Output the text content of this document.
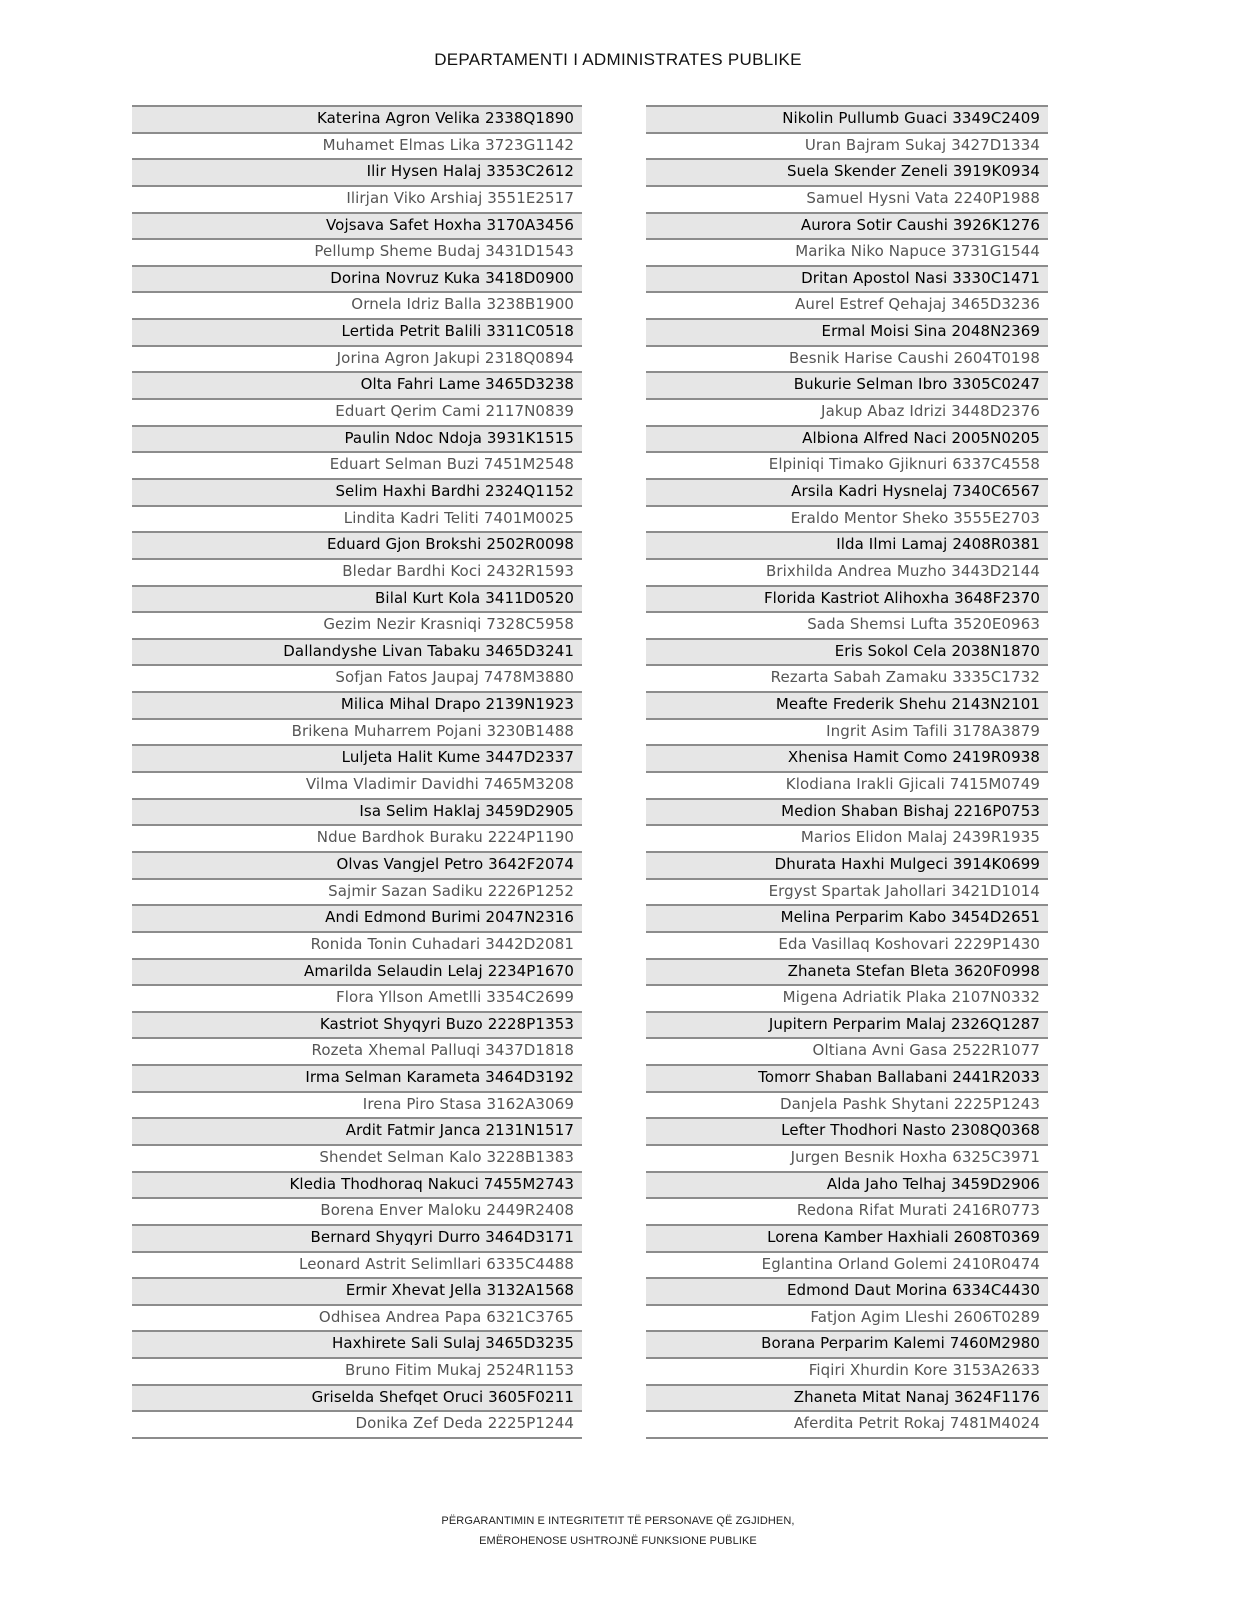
DEPARTAMENTI I ADMINISTRATES PUBLIKE
Katerina Agron Velika 2338Q1890
Muhamet Elmas Lika 3723G1142
Ilir Hysen Halaj 3353C2612
Ilirjan Viko Arshiaj 3551E2517
Vojsava Safet Hoxha 3170A3456
Pellump Sheme Budaj 3431D1543
Dorina Novruz Kuka 3418D0900
Ornela Idriz Balla 3238B1900
Lertida Petrit Balili 3311C0518
Jorina Agron Jakupi 2318Q0894
Olta Fahri Lame 3465D3238
Eduart Qerim Cami 2117N0839
Paulin Ndoc Ndoja 3931K1515
Eduart Selman Buzi 7451M2548
Selim Haxhi Bardhi 2324Q1152
Lindita Kadri Teliti 7401M0025
Eduard Gjon Brokshi 2502R0098
Bledar Bardhi Koci 2432R1593
Bilal Kurt Kola 3411D0520
Gezim Nezir Krasniqi 7328C5958
Dallandyshe Livan Tabaku 3465D3241
Sofjan Fatos Jaupaj 7478M3880
Milica Mihal Drapo 2139N1923
Brikena Muharrem Pojani 3230B1488
Luljeta Halit Kume 3447D2337
Vilma Vladimir Davidhi 7465M3208
Isa Selim Haklaj 3459D2905
Ndue Bardhok Buraku 2224P1190
Olvas Vangjel Petro 3642F2074
Sajmir Sazan Sadiku 2226P1252
Andi Edmond Burimi 2047N2316
Ronida Tonin Cuhadari 3442D2081
Amarilda Selaudin Lelaj 2234P1670
Flora Yllson Ametlli 3354C2699
Kastriot Shyqyri Buzo 2228P1353
Rozeta Xhemal Palluqi 3437D1818
Irma Selman Karameta 3464D3192
Irena Piro Stasa 3162A3069
Ardit Fatmir Janca 2131N1517
Shendet Selman Kalo 3228B1383
Kledia Thodhoraq Nakuci 7455M2743
Borena Enver Maloku 2449R2408
Bernard Shyqyri Durro 3464D3171
Leonard Astrit Selimllari 6335C4488
Ermir Xhevat Jella 3132A1568
Odhisea Andrea Papa 6321C3765
Haxhirete Sali Sulaj 3465D3235
Bruno Fitim Mukaj 2524R1153
Griselda Shefqet Oruci 3605F0211
Donika Zef Deda 2225P1244
Nikolin Pullumb Guaci 3349C2409
Uran Bajram Sukaj 3427D1334
Suela Skender Zeneli 3919K0934
Samuel Hysni Vata 2240P1988
Aurora Sotir Caushi 3926K1276
Marika Niko Napuce 3731G1544
Dritan Apostol Nasi 3330C1471
Aurel Estref Qehajaj 3465D3236
Ermal Moisi Sina 2048N2369
Besnik Harise Caushi 2604T0198
Bukurie Selman Ibro 3305C0247
Jakup Abaz Idrizi 3448D2376
Albiona Alfred Naci 2005N0205
Elpiniqi Timako Gjiknuri 6337C4558
Arsila Kadri Hysnelaj 7340C6567
Eraldo Mentor Sheko 3555E2703
Ilda Ilmi Lamaj 2408R0381
Brixhilda Andrea Muzho 3443D2144
Florida Kastriot Alihoxha 3648F2370
Sada Shemsi Lufta 3520E0963
Eris Sokol Cela 2038N1870
Rezarta Sabah Zamaku 3335C1732
Meafte Frederik Shehu 2143N2101
Ingrit Asim Tafili 3178A3879
Xhenisa Hamit Como 2419R0938
Klodiana Irakli Gjicali 7415M0749
Medion Shaban Bishaj 2216P0753
Marios Elidon Malaj 2439R1935
Dhurata Haxhi Mulgeci 3914K0699
Ergyst Spartak Jahollari 3421D1014
Melina Perparim Kabo 3454D2651
Eda Vasillaq Koshovari 2229P1430
Zhaneta Stefan Bleta 3620F0998
Migena Adriatik Plaka 2107N0332
Jupitern Perparim Malaj 2326Q1287
Oltiana Avni Gasa 2522R1077
Tomorr Shaban Ballabani 2441R2033
Danjela Pashk Shytani 2225P1243
Lefter Thodhori Nasto 2308Q0368
Jurgen Besnik Hoxha 6325C3971
Alda Jaho Telhaj 3459D2906
Redona Rifat Murati 2416R0773
Lorena Kamber Haxhiali 2608T0369
Eglantina Orland Golemi 2410R0474
Edmond Daut Morina 6334C4430
Fatjon Agim Lleshi 2606T0289
Borana Perparim Kalemi 7460M2980
Fiqiri Xhurdin Kore 3153A2633
Zhaneta Mitat Nanaj 3624F1176
Aferdita Petrit Rokaj 7481M4024
PËRGARANTIMIN E INTEGRITETIT TË PERSONAVE QË ZGJIDHEN,
EMËROHENOSE USHTROJNË FUNKSIONE PUBLIKE
